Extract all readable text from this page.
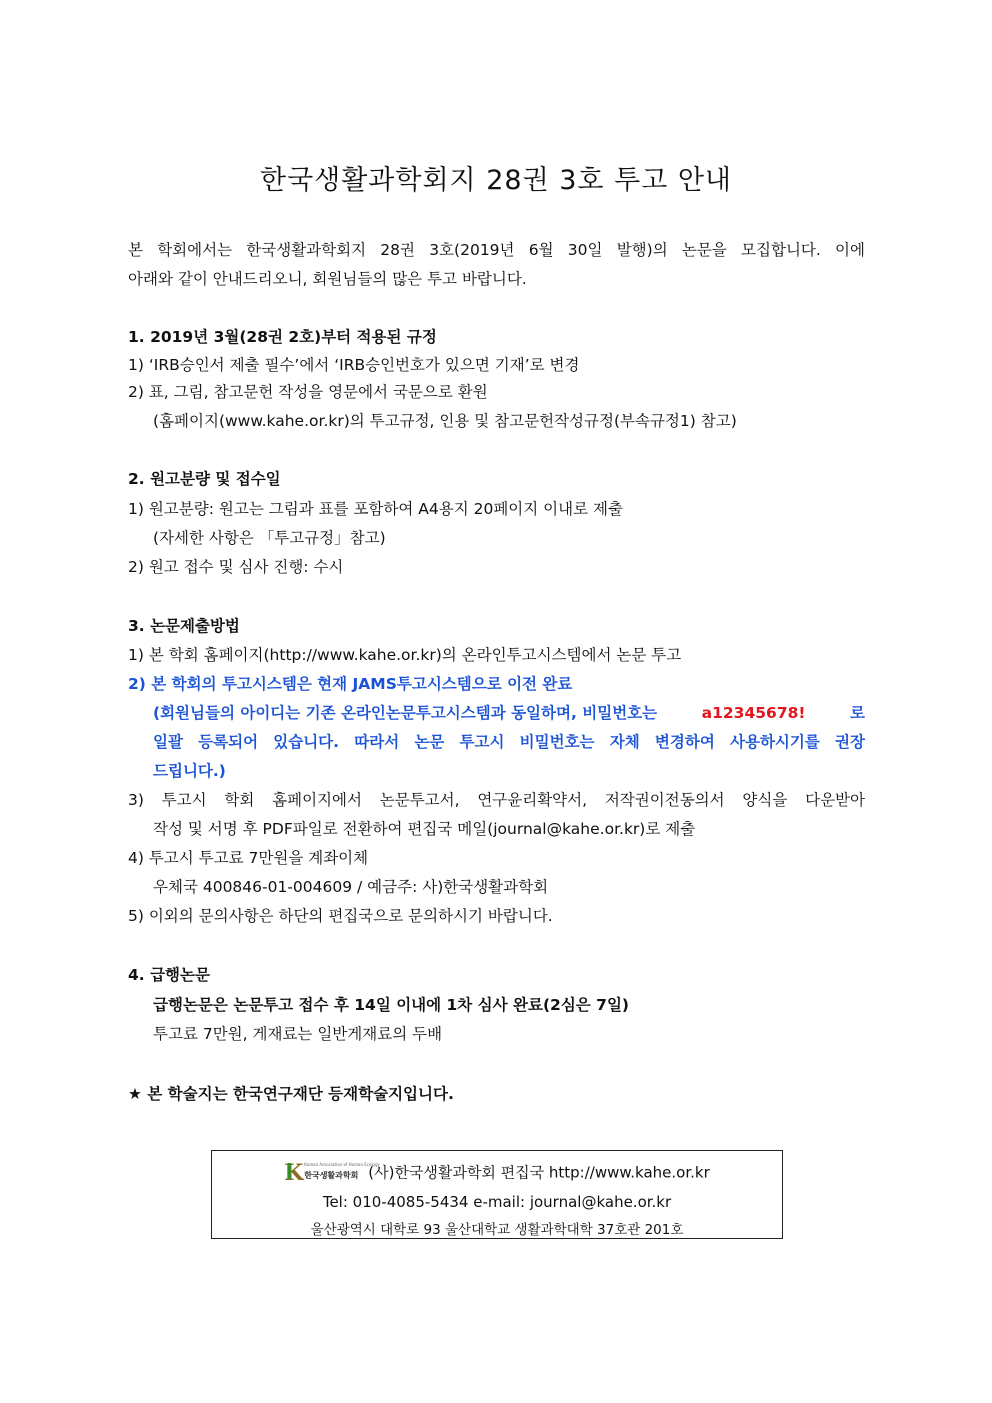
한국생활과학회지 28권 3호 투고 안내
본 학회에서는 한국생활과학회지 28권 3호(2019년 6월 30일 발행)의 논문을 모집합니다. 이에
아래와 같이 안내드리오니, 회원님들의 많은 투고 바랍니다.
1. 2019년 3월(28권 2호)부터 적용된 규정
1) ‘IRB승인서 제출 필수’에서 ‘IRB승인번호가 있으면 기재’로 변경
2) 표, 그림, 참고문헌 작성을 영문에서 국문으로 환원
(홈페이지(www.kahe.or.kr)의 투고규정, 인용 및 참고문헌작성규정(부속규정1) 참고)
2. 원고분량 및 접수일
1) 원고분량: 원고는 그림과 표를 포함하여 A4용지 20페이지 이내로 제출
(자세한 사항은 「투고규정」참고)
2) 원고 접수 및 심사 진행: 수시
3. 논문제출방법
1) 본 학회 홈페이지(http://www.kahe.or.kr)의 온라인투고시스템에서 논문 투고
2) 본 학회의 투고시스템은 현재 JAMS투고시스템으로 이전 완료
(회원님들의 아이디는 기존 온라인논문투고시스템과 동일하며, 비밀번호는	a12345678!	로
일괄 등록되어 있습니다. 따라서 논문 투고시 비밀번호는 자체 변경하여 사용하시기를 권장
드립니다.)
3) 투고시 학회 홈페이지에서 논문투고서, 연구윤리확약서, 저작권이전동의서 양식을 다운받아
작성 및 서명 후 PDF파일로 전환하여 편집국 메일(journal@kahe.or.kr)로 제출
4) 투고시 투고료 7만원을 계좌이체
우체국 400846-01-004609 / 예금주: 사)한국생활과학회
5) 이외의 문의사항은 하단의 편집국으로 문의하시기 바랍니다.
4. 급행논문
급행논문은 논문투고 접수 후 14일 이내에 1차 심사 완료(2심은 7일)
투고료 7만원, 게재료는 일반게재료의 두배
★ 본 학술지는 한국연구재단 등재학술지입니다.
K Korean Association of Human Ecology
한국생활과학회 (사)한국생활과학회 편집국 http://www.kahe.or.kr
Tel: 010-4085-5434 e-mail: journal@kahe.or.kr
울산광역시 대학로 93 울산대학교 생활과학대학 37호관 201호
